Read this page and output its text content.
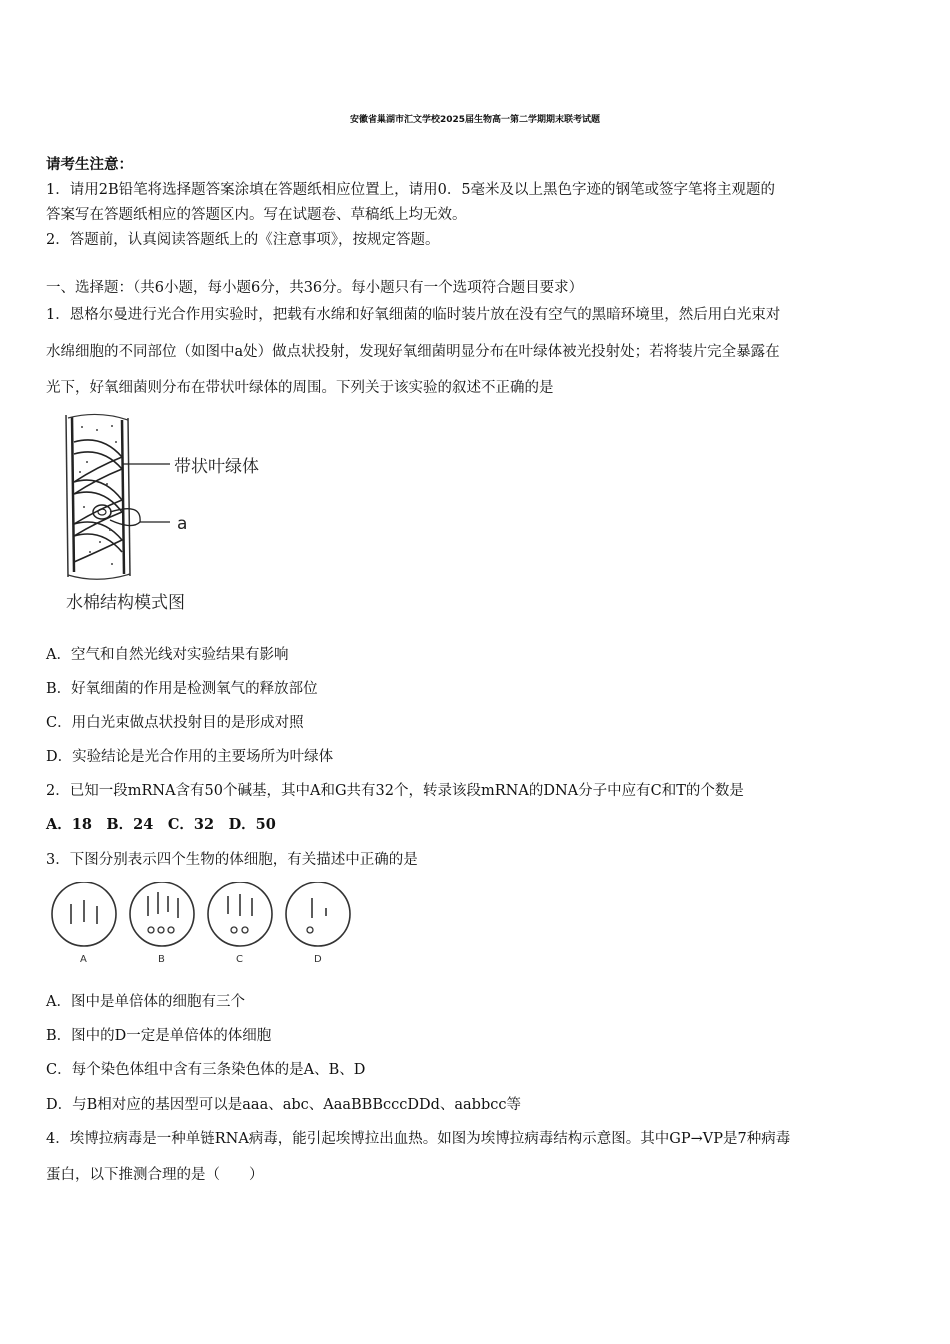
安徽省巢湖市汇文学校2025届生物高一第二学期期末联考试题
请考生注意：
1．请用2B铅笔将选择题答案涂填在答题纸相应位置上，请用0．5毫米及以上黑色字迹的钢笔或签字笔将主观题的
答案写在答题纸相应的答题区内。写在试题卷、草稿纸上均无效。
2．答题前，认真阅读答题纸上的《注意事项》，按规定答题。
一、选择题：（共6小题，每小题6分，共36分。每小题只有一个选项符合题目要求）
1．恩格尔曼进行光合作用实验时，把载有水绵和好氧细菌的临时装片放在没有空气的黑暗环境里，然后用白光束对
水绵细胞的不同部位（如图中a处）做点状投射，发现好氧细菌明显分布在叶绿体被光投射处；若将装片完全暴露在
光下，好氧细菌则分布在带状叶绿体的周围。下列关于该实验的叙述不正确的是
带状叶绿体
a
水棉结构模式图
A．空气和自然光线对实验结果有影响
B．好氧细菌的作用是检测氧气的释放部位
C．用白光束做点状投射目的是形成对照
D．实验结论是光合作用的主要场所为叶绿体
2．已知一段mRNA含有50个碱基，其中A和G共有32个，转录该段mRNA的DNA分子中应有C和T的个数是
A．18　B．24　C．32　D．50
3．下图分别表示四个生物的体细胞，有关描述中正确的是
A	B	C	D
A．图中是单倍体的细胞有三个
B．图中的D一定是单倍体的体细胞
C．每个染色体组中含有三条染色体的是A、B、D
D．与B相对应的基因型可以是aaa、abc、AaaBBBcccDDd、aabbcc等
4．埃博拉病毒是一种单链RNA病毒，能引起埃博拉出血热。如图为埃博拉病毒结构示意图。其中GP→VP是7种病毒
蛋白，以下推测合理的是（　　）
